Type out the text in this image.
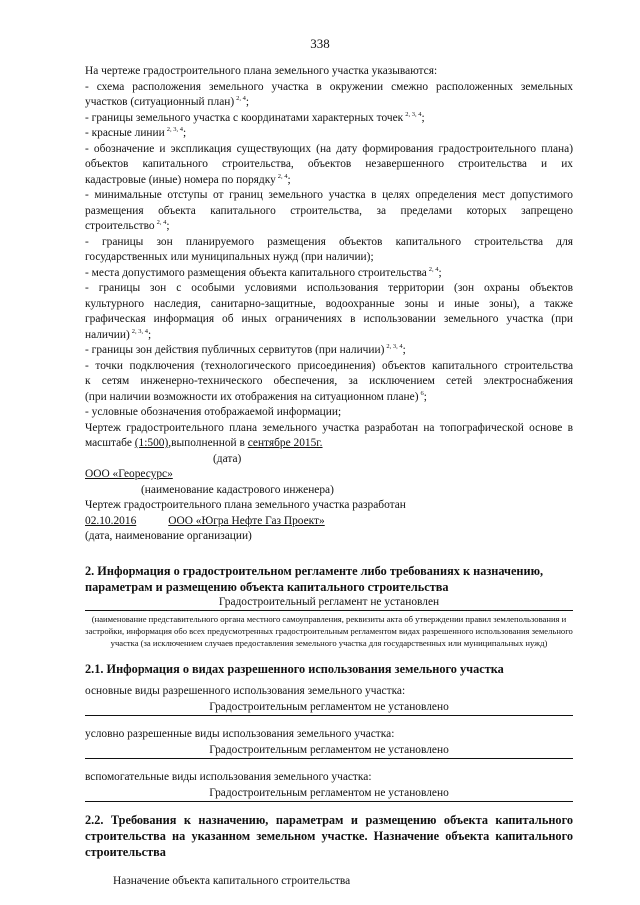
338

На чертеже градостроительного плана земельного участка указываются:

- схема расположения земельного участка в окружении смежно расположенных земельных

участков (ситуационный план) $^{2, 4}$;

- границы земельного участка с координатами характерных точек $^{2, 3, 4}$;

- красные линии $^{2, 3, 4}$;

- обозначение и экспликация существующих (на дату формирования градостроительного плана)

объектов капитального строительства, объектов незавершенного строительства и их

кадастровые (иные) номера по порядку $^{2, 4}$;

- минимальные отступы от границ земельного участка в целях определения мест допустимого

размещения объекта капитального строительства, за пределами которых запрещено

строительство $^{2, 4}$;

- границы зон планируемого размещения объектов капитального строительства для

государственных или муниципальных нужд (при наличии);

- места допустимого размещения объекта капитального строительства $^{2, 4}$;

- границы зон с особыми условиями использования территории (зон охраны объектов

культурного наследия, санитарно-защитные, водоохранные зоны и иные зоны), а также

графическая информация об иных ограничениях в использовании земельного участка (при

наличии) $^{2, 3, 4}$;

- границы зон действия публичных сервитутов (при наличии) $^{2, 3, 4}$;

- точки подключения (технологического присоединения) объектов капитального строительства

к сетям инженерно-технического обеспечения, за исключением сетей электроснабжения

(при наличии возможности их отображения на ситуационном плане) $^6$;

- условные обозначения отображаемой информации;

Чертеж градостроительного плана земельного участка разработан на топографической основе в

масштабе (1:500),выполненной в сентябре 2015г.

(дата)

ООО «Георесурс»

(наименование кадастрового инженера)

Чертеж градостроительного плана земельного участка разработан

02.10.2016	ООО «Югра Нефте Газ Проект»

(дата, наименование организации)

2. Информация о градостроительном регламенте либо требованиях к назначению, параметрам и размещению объекта капитального строительства

Градостроительный регламент не установлен

(наименование представительного органа местного самоуправления, реквизиты акта об утверждении правил землепользования и застройки, информация обо всех предусмотренных градостроительным регламентом видах разрешенного использования земельного участка (за исключением случаев предоставления земельного участка для государственных или муниципальных нужд)

2.1. Информация о видах разрешенного использования земельного участка

основные виды разрешенного использования земельного участка:

Градостроительным регламентом не установлено

условно разрешенные виды использования земельного участка:

Градостроительным регламентом не установлено

вспомогательные виды использования земельного участка:

Градостроительным регламентом не установлено

2.2. Требования к назначению, параметрам и размещению объекта капитального строительства на указанном земельном участке. Назначение объекта капитального строительства

Назначение объекта капитального строительства
